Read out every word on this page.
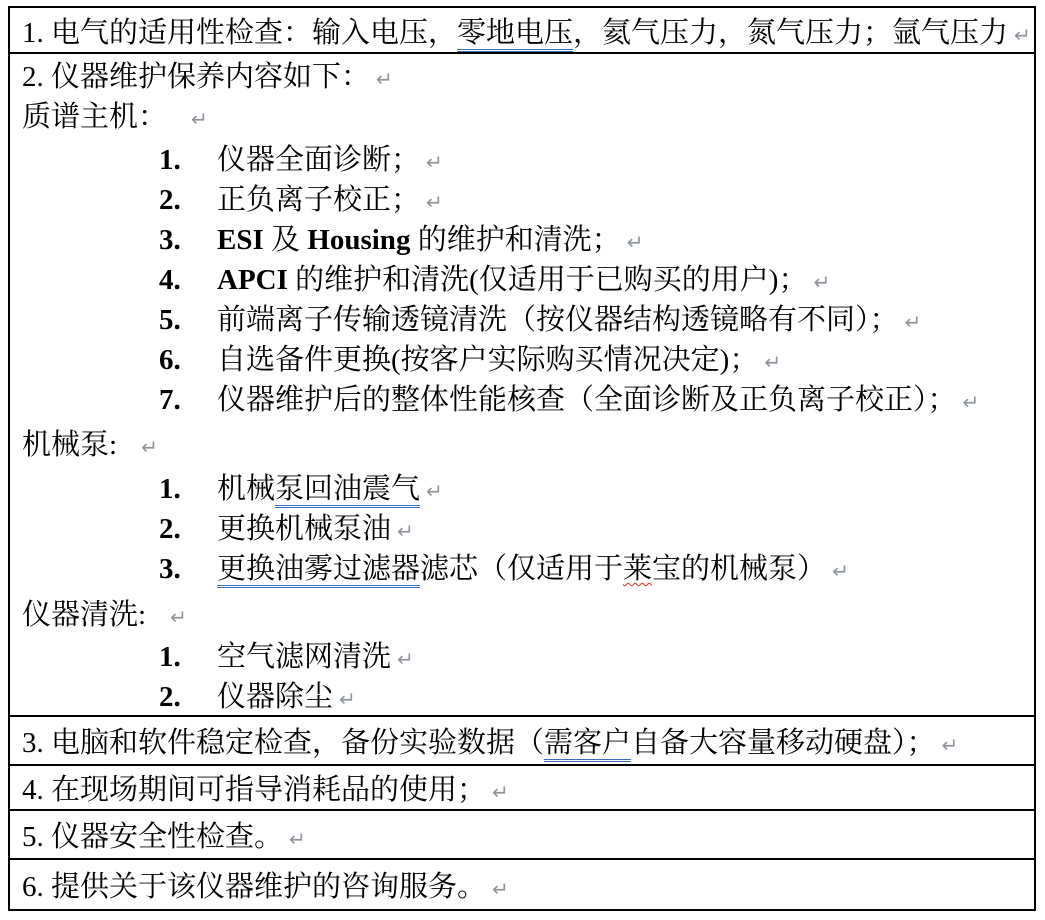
1. 电气的适用性检查：输入电压，零地电压，氦气压力，氮气压力；氩气压力 ↵
2. 仪器维护保养内容如下： ↵
质谱主机： ↵
1. 仪器全面诊断； ↵
2. 正负离子校正； ↵
3. ESI 及 Housing 的维护和清洗； ↵
4. APCI 的维护和清洗(仅适用于已购买的用户)； ↵
5. 前端离子传输透镜清洗（按仪器结构透镜略有不同）； ↵
6. 自选备件更换(按客户实际购买情况决定)； ↵
7. 仪器维护后的整体性能核查（全面诊断及正负离子校正）； ↵
机械泵: ↵
1. 机械泵回油震气 ↵
2. 更换机械泵油 ↵
3. 更换油雾过滤器滤芯（仅适用于莱宝的机械泵） ↵
仪器清洗: ↵
1. 空气滤网清洗 ↵
2. 仪器除尘 ↵
3. 电脑和软件稳定检查，备份实验数据（需客户自备大容量移动硬盘）； ↵
4. 在现场期间可指导消耗品的使用； ↵
5. 仪器安全性检查。 ↵
6. 提供关于该仪器维护的咨询服务。 ↵
